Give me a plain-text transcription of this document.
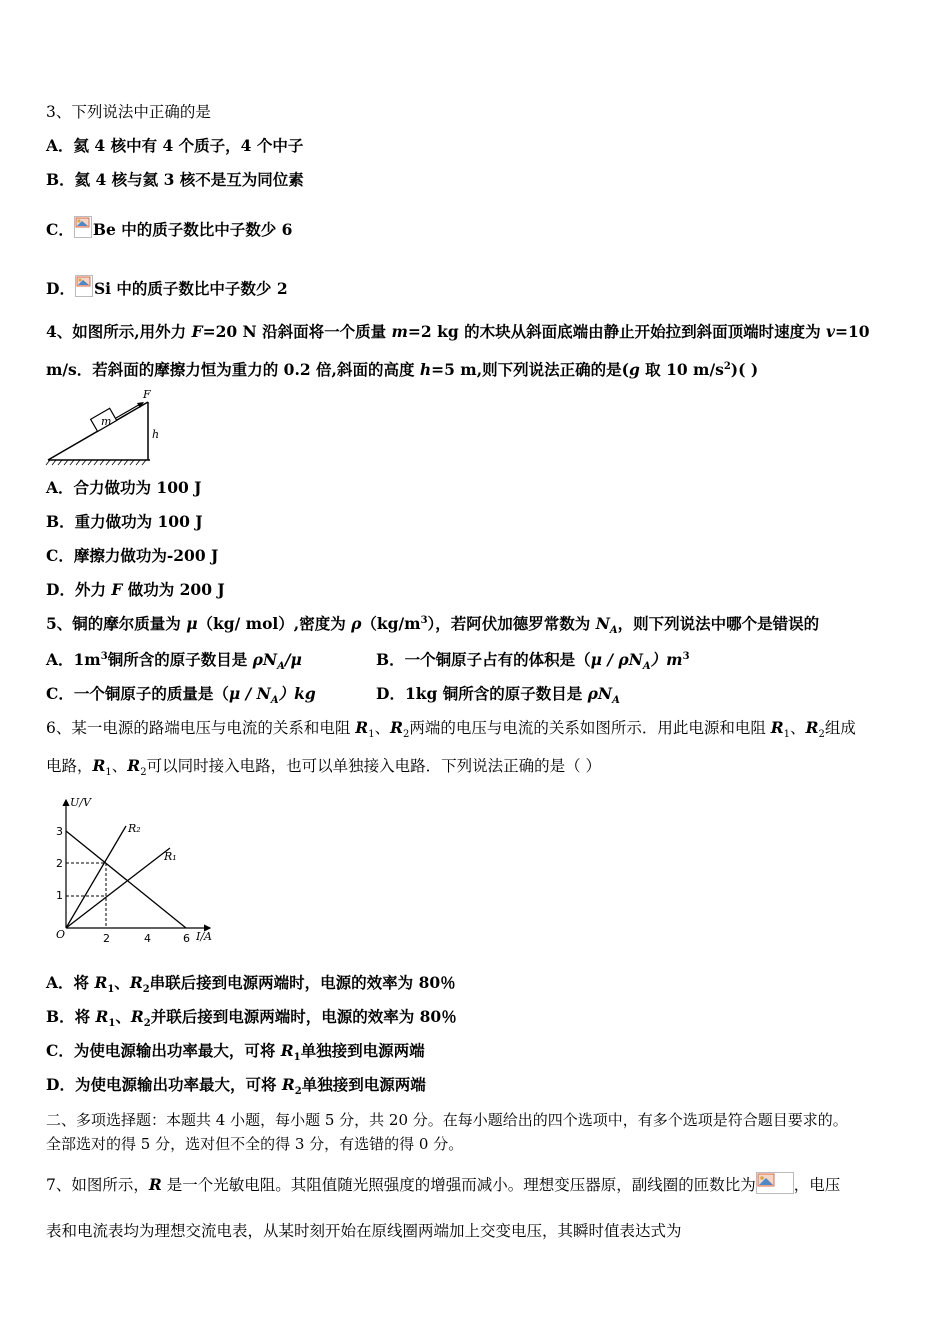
3、下列说法中正确的是
A．氦 4 核中有 4 个质子，4 个中子
B．氦 4 核与氦 3 核不是互为同位素
C． Be 中的质子数比中子数少 6
D． Si 中的质子数比中子数少 2
4、如图所示,用外力 F=20 N 沿斜面将一个质量 m=2 kg 的木块从斜面底端由静止开始拉到斜面顶端时速度为 v=10
m/s．若斜面的摩擦力恒为重力的 0.2 倍,斜面的高度 h=5 m,则下列说法正确的是(g 取 10 $m/s^2$)( )
m
F
h
A．合力做功为 100 J
B．重力做功为 100 J
C．摩擦力做功为-200 J
D．外力 F 做功为 200 J
5、铜的摩尔质量为 μ（kg/ mol）,密度为 $\rho(kg/m^3)$，若阿伏加德罗常数为 $N_A$，则下列说法中哪个是错误的
A．$1m^3$铜所含的原子数目是 $\rho N_A/\mu$	B．一个铜原子占有的体积是$(\mu / \rho N_A)m^3$
C．一个铜原子的质量是$(\mu / N_A)kg$	D．1kg 铜所含的原子数目是 $\rho N_A$
6、某一电源的路端电压与电流的关系和电阻 $R_1$、$R_2$两端的电压与电流的关系如图所示．用此电源和电阻 $R_1$、$R_2$组成
电路，$R_1$、$R_2$可以同时接入电路，也可以单独接入电路．下列说法正确的是（ ）
U/V
I/A
O
1
2
3
2	4	6
R₂
R₁
A．将 $R_1$、$R_2$串联后接到电源两端时，电源的效率为 80％
B．将 $R_1$、$R_2$并联后接到电源两端时，电源的效率为 80％
C．为使电源输出功率最大，可将 $R_1$单独接到电源两端
D．为使电源输出功率最大，可将 $R_2$单独接到电源两端
二、多项选择题：本题共 4 小题，每小题 5 分，共 20 分。在每小题给出的四个选项中，有多个选项是符合题目要求的。
全部选对的得 5 分，选对但不全的得 3 分，有选错的得 0 分。
7、如图所示，R 是一个光敏电阻。其阻值随光照强度的增强而减小。理想变压器原，副线圈的匝数比为 ，电压
表和电流表均为理想交流电表，从某时刻开始在原线圈两端加上交变电压，其瞬时值表达式为
